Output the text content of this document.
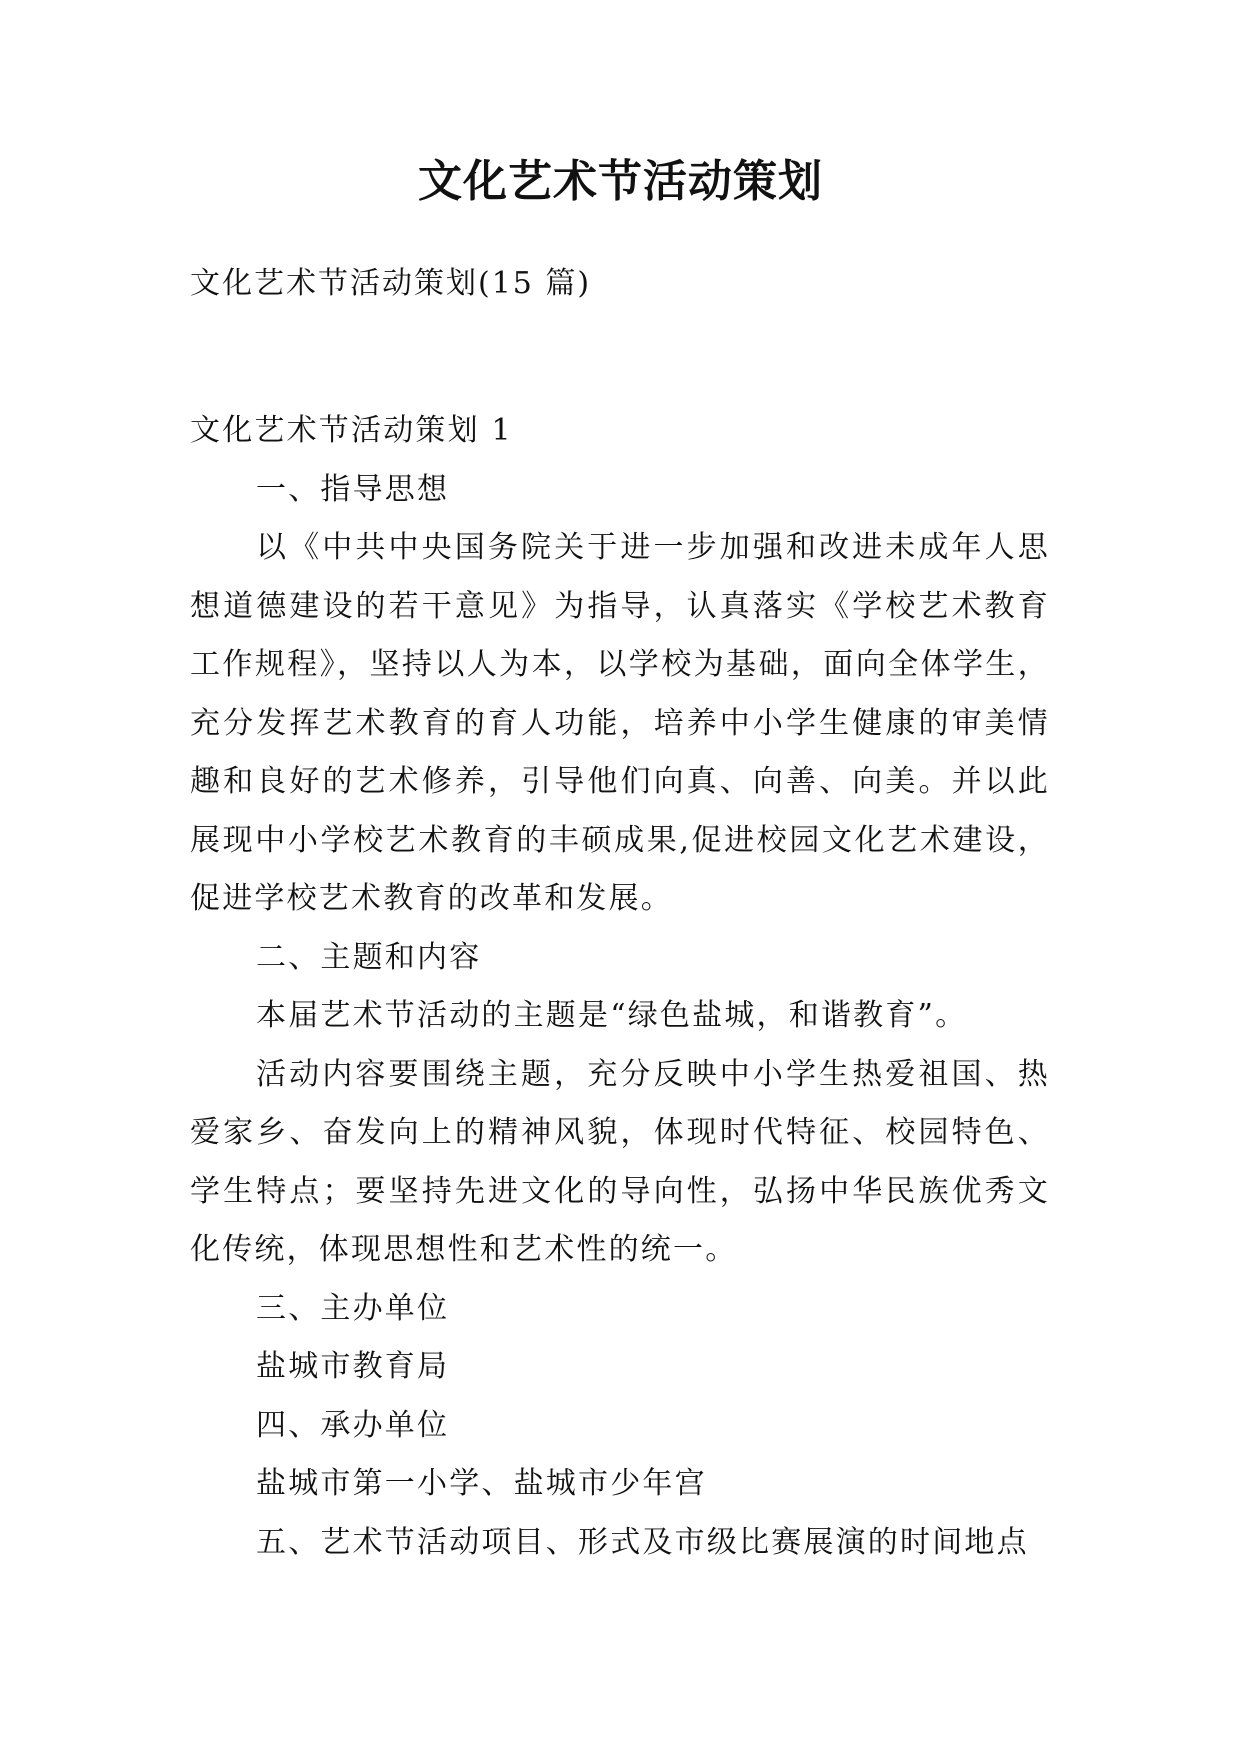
文化艺术节活动策划
文化艺术节活动策划(15 篇)

文化艺术节活动策划 1

一、指导思想

以《中共中央国务院关于进一步加强和改进未成年人思想道德建设的若干意见》为指导，认真落实《学校艺术教育工作规程》，坚持以人为本，以学校为基础，面向全体学生，充分发挥艺术教育的育人功能，培养中小学生健康的审美情趣和良好的艺术修养，引导他们向真、向善、向美。并以此展现中小学校艺术教育的丰硕成果,促进校园文化艺术建设，促进学校艺术教育的改革和发展。

二、主题和内容

本届艺术节活动的主题是“绿色盐城，和谐教育”。

活动内容要围绕主题，充分反映中小学生热爱祖国、热爱家乡、奋发向上的精神风貌，体现时代特征、校园特色、学生特点；要坚持先进文化的导向性，弘扬中华民族优秀文化传统，体现思想性和艺术性的统一。

三、主办单位

盐城市教育局

四、承办单位

盐城市第一小学、盐城市少年宫

五、艺术节活动项目、形式及市级比赛展演的时间地点
